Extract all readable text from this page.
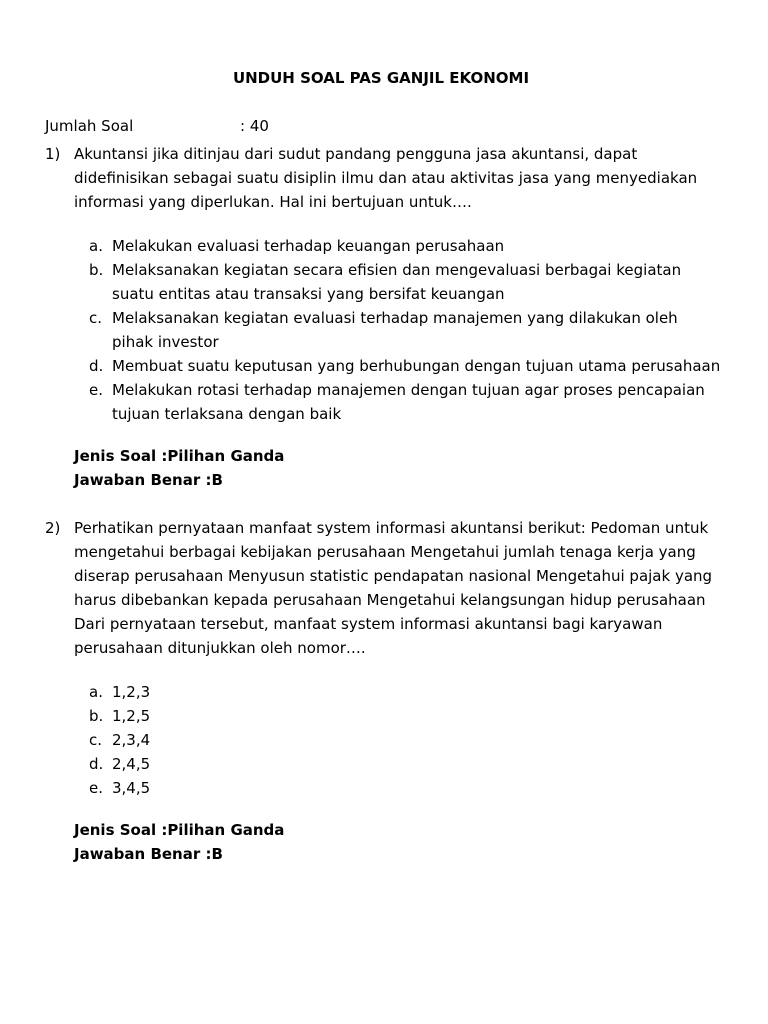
UNDUH SOAL PAS GANJIL EKONOMI
Jumlah Soal	: 40
1) Akuntansi jika ditinjau dari sudut pandang pengguna jasa akuntansi, dapat didefinisikan sebagai suatu disiplin ilmu dan atau aktivitas jasa yang menyediakan informasi yang diperlukan. Hal ini bertujuan untuk….
a. Melakukan evaluasi terhadap keuangan perusahaan
b. Melaksanakan kegiatan secara efisien dan mengevaluasi berbagai kegiatan suatu entitas atau transaksi yang bersifat keuangan
c. Melaksanakan kegiatan evaluasi terhadap manajemen yang dilakukan oleh pihak investor
d. Membuat suatu keputusan yang berhubungan dengan tujuan utama perusahaan
e. Melakukan rotasi terhadap manajemen dengan tujuan agar proses pencapaian tujuan terlaksana dengan baik
Jenis Soal :Pilihan Ganda
Jawaban Benar :B
2) Perhatikan pernyataan manfaat system informasi akuntansi berikut: Pedoman untuk mengetahui berbagai kebijakan perusahaan Mengetahui jumlah tenaga kerja yang diserap perusahaan Menyusun statistic pendapatan nasional Mengetahui pajak yang harus dibebankan kepada perusahaan Mengetahui kelangsungan hidup perusahaan Dari pernyataan tersebut, manfaat system informasi akuntansi bagi karyawan perusahaan ditunjukkan oleh nomor….
a. 1,2,3
b. 1,2,5
c. 2,3,4
d. 2,4,5
e. 3,4,5
Jenis Soal :Pilihan Ganda
Jawaban Benar :B
